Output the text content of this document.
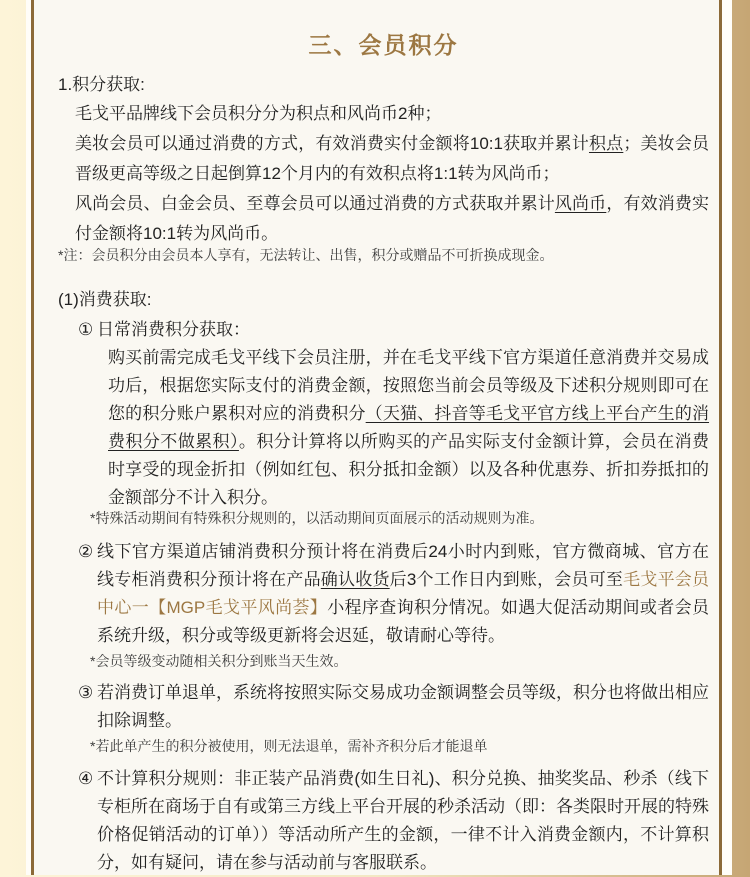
三、会员积分
1.积分获取:

毛戈平品牌线下会员积分分为积点和风尚币2种；

美妆会员可以通过消费的方式，有效消费实付金额将10:1获取并累计积点；美妆会员晋级更高等级之日起倒算12个月内的有效积点将1:1转为风尚币；

风尚会员、白金会员、至尊会员可以通过消费的方式获取并累计风尚币，有效消费实付金额将10:1转为风尚币。

*注：会员积分由会员本人享有，无法转让、出售，积分或赠品不可折换成现金。
(1)消费获取:
① 日常消费积分获取：
购买前需完成毛戈平线下会员注册，并在毛戈平线下官方渠道任意消费并交易成功后，根据您实际支付的消费金额，按照您当前会员等级及下述积分规则即可在您的积分账户累积对应的消费积分（天猫、抖音等毛戈平官方线上平台产生的消费积分不做累积）。积分计算将以所购买的产品实际支付金额计算，会员在消费时享受的现金折扣（例如红包、积分抵扣金额）以及各种优惠券、折扣券抵扣的金额部分不计入积分。
*特殊活动期间有特殊积分规则的，以活动期间页面展示的活动规则为准。
② 线下官方渠道店铺消费积分预计将在消费后24小时内到账，官方微商城、官方在线专柜消费积分预计将在产品确认收货后3个工作日内到账，会员可至毛戈平会员中心一【MGP毛戈平风尚荟】小程序查询积分情况。如遇大促活动期间或者会员系统升级，积分或等级更新将会迟延，敬请耐心等待。
*会员等级变动随相关积分到账当天生效。
③ 若消费订单退单，系统将按照实际交易成功金额调整会员等级，积分也将做出相应扣除调整。
*若此单产生的积分被使用，则无法退单，需补齐积分后才能退单
④ 不计算积分规则：非正装产品消费(如生日礼)、积分兑换、抽奖奖品、秒杀（线下专柜所在商场于自有或第三方线上平台开展的秒杀活动（即：各类限时开展的特殊价格促销活动的订单））等活动所产生的金额，一律不计入消费金额内，不计算积分，如有疑问，请在参与活动前与客服联系。
